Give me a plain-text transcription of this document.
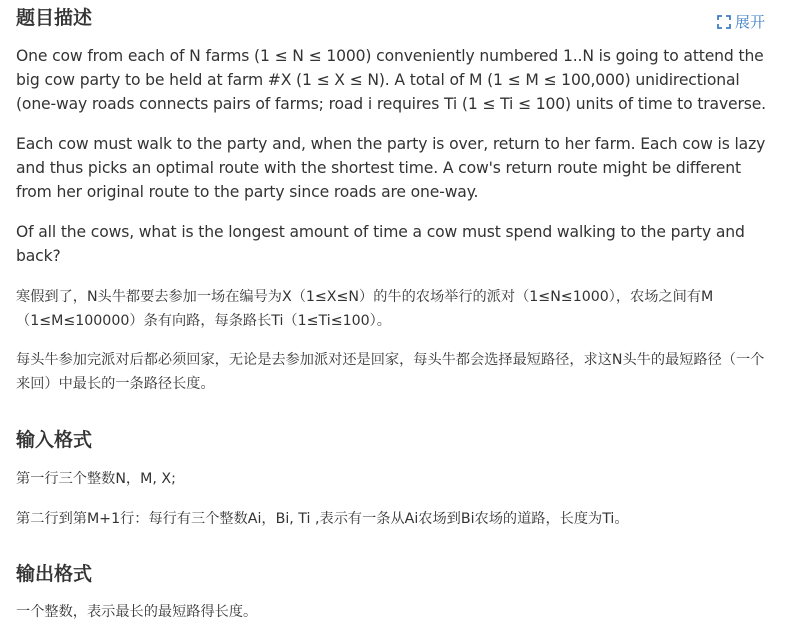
题目描述	展开

One cow from each of N farms (1 ≤ N ≤ 1000) conveniently numbered 1..N is going to attend the big cow party to be held at farm #X (1 ≤ X ≤ N). A total of M (1 ≤ M ≤ 100,000) unidirectional (one-way roads connects pairs of farms; road i requires Ti (1 ≤ Ti ≤ 100) units of time to traverse.

Each cow must walk to the party and, when the party is over, return to her farm. Each cow is lazy and thus picks an optimal route with the shortest time. A cow's return route might be different from her original route to the party since roads are one-way.

Of all the cows, what is the longest amount of time a cow must spend walking to the party and back?

寒假到了，N头牛都要去参加一场在编号为X（1≤X≤N）的牛的农场举行的派对（1≤N≤1000），农场之间有M（1≤M≤100000）条有向路，每条路长Ti（1≤Ti≤100）。

每头牛参加完派对后都必须回家，无论是去参加派对还是回家，每头牛都会选择最短路径，求这N头牛的最短路径（一个来回）中最长的一条路径长度。

输入格式

第一行三个整数N，M, X;

第二行到第M+1行：每行有三个整数Ai，Bi, Ti ,表示有一条从Ai农场到Bi农场的道路，长度为Ti。

输出格式

一个整数，表示最长的最短路得长度。
